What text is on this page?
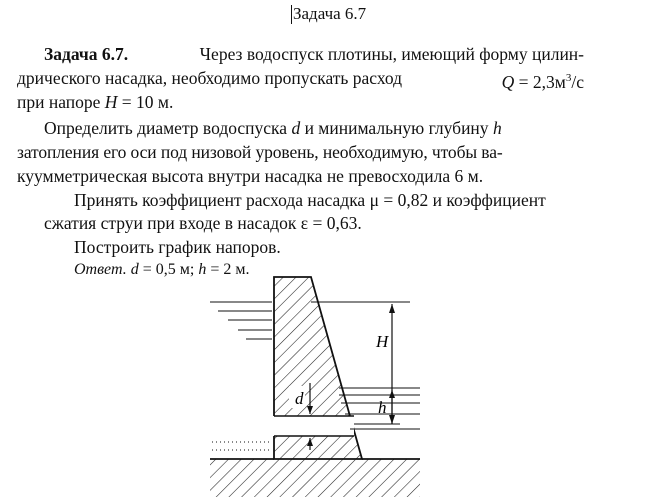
Задача 6.7
Задача 6.7.	Через водоспуск плотины, имеющий форму цилин-
дрического насадка, необходимо пропускать расход	$Q = 2,3м^3/с$
при напоре H = 10 м.
Определить диаметр водоспуска d и минимальную глубину h
затопления его оси под низовой уровень, необходимую, чтобы ва-
куумметрическая высота внутри насадка не превосходила 6 м.
Принять коэффициент расхода насадка μ = 0,82 и коэффициент
сжатия струи при входе в насадок ε = 0,63.
Построить график напоров.
Ответ. d = 0,5 м; h = 2 м.
H
h
d
